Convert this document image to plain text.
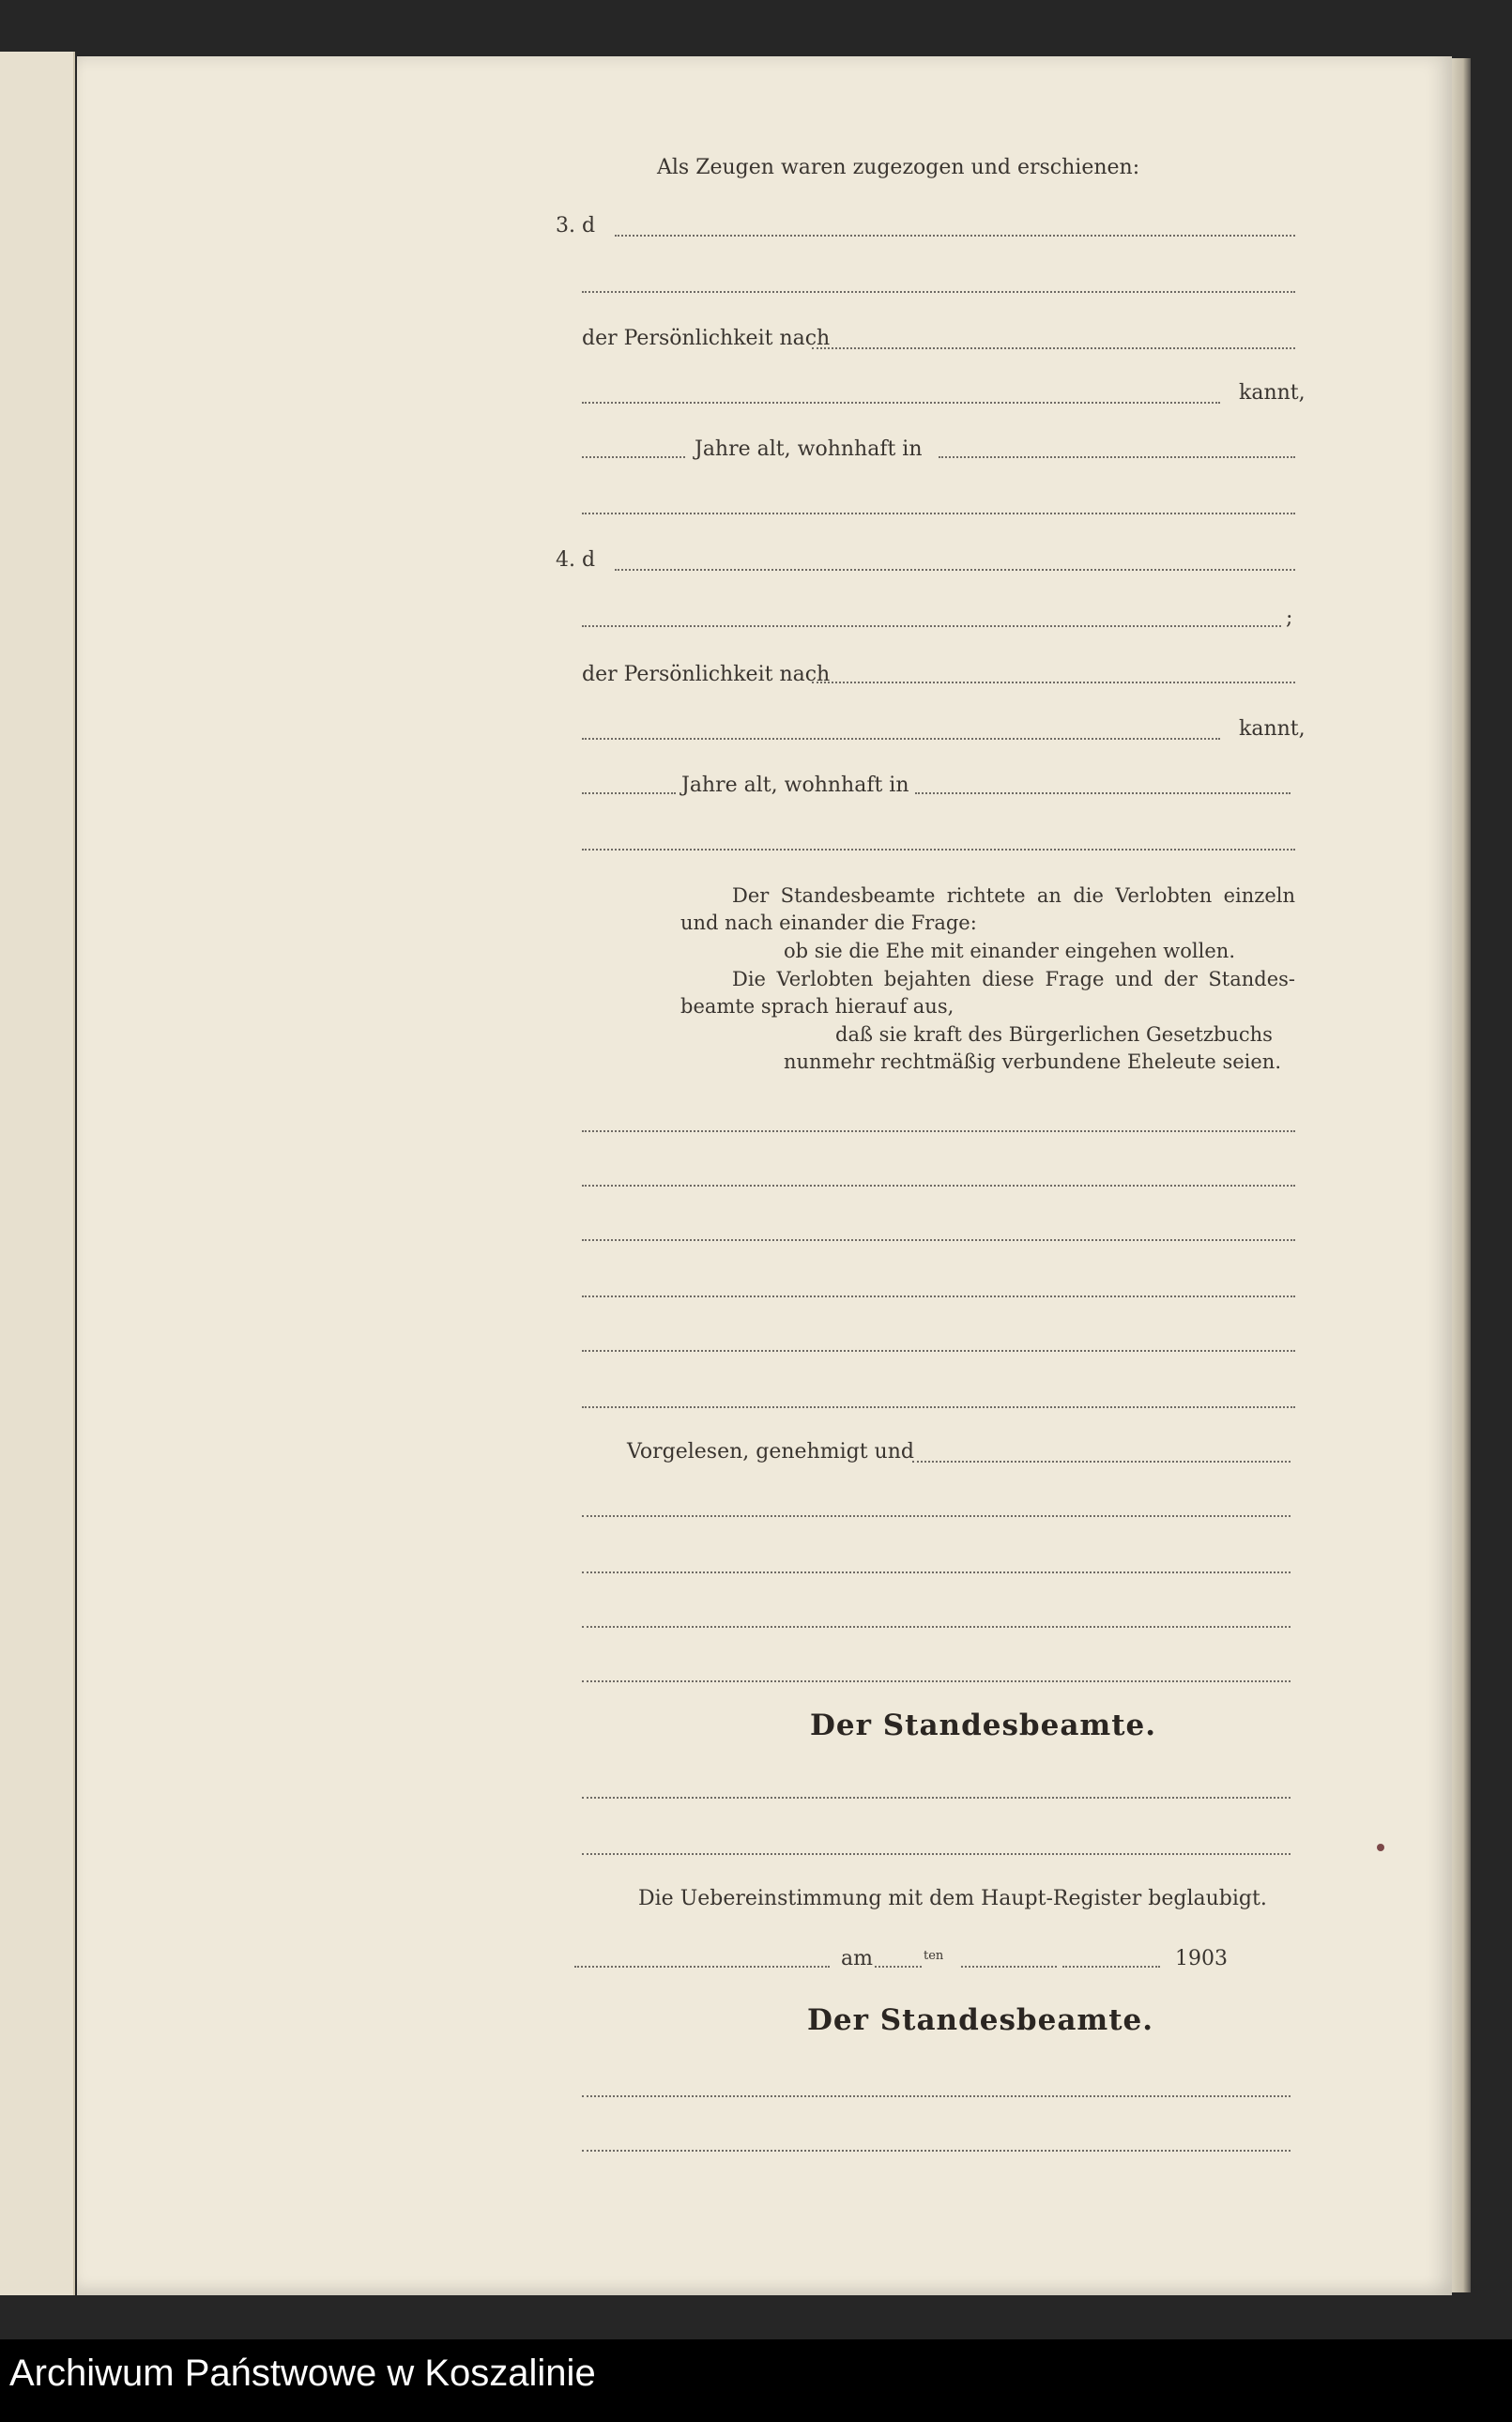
Als Zeugen waren zugezogen und erschienen:
3. d
der Persönlichkeit nach
kannt,
Jahre alt, wohnhaft in
4. d
;
der Persönlichkeit nach
kannt,
Jahre alt, wohnhaft in
Der Standesbeamte richtete an die Verlobten einzeln und nach einander die Frage:
ob sie die Ehe mit einander eingehen wollen.
Die Verlobten bejahten diese Frage und der Standes-beamte sprach hierauf aus,
daß sie kraft des Bürgerlichen Gesetzbuchs nunmehr rechtmäßig verbundene Eheleute seien.
Vorgelesen, genehmigt und
Der Standesbeamte.
Die Uebereinstimmung mit dem Haupt-Register beglaubigt.
am	ten	1903
Der Standesbeamte.
Archiwum Państwowe w Koszalinie
